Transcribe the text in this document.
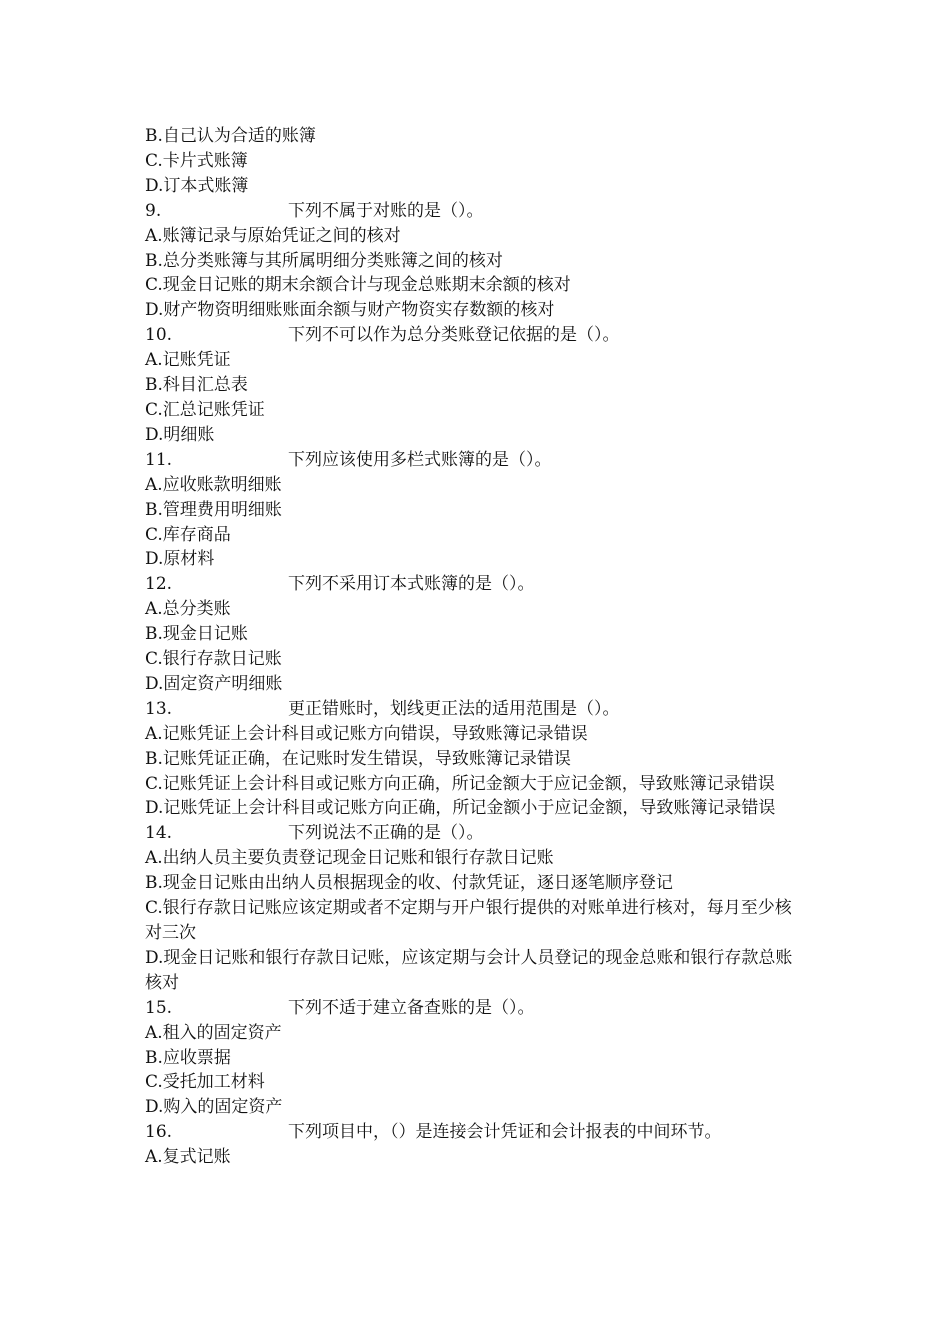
B.自己认为合适的账簿
C.卡片式账簿
D.订本式账簿
9.	下列不属于对账的是（）。
A.账簿记录与原始凭证之间的核对
B.总分类账簿与其所属明细分类账簿之间的核对
C.现金日记账的期末余额合计与现金总账期末余额的核对
D.财产物资明细账账面余额与财产物资实存数额的核对
10.	下列不可以作为总分类账登记依据的是（）。
A.记账凭证
B.科目汇总表
C.汇总记账凭证
D.明细账
11.	下列应该使用多栏式账簿的是（）。
A.应收账款明细账
B.管理费用明细账
C.库存商品
D.原材料
12.	下列不采用订本式账簿的是（）。
A.总分类账
B.现金日记账
C.银行存款日记账
D.固定资产明细账
13.	更正错账时，划线更正法的适用范围是（）。
A.记账凭证上会计科目或记账方向错误，导致账簿记录错误
B.记账凭证正确，在记账时发生错误，导致账簿记录错误
C.记账凭证上会计科目或记账方向正确，所记金额大于应记金额，导致账簿记录错误
D.记账凭证上会计科目或记账方向正确，所记金额小于应记金额，导致账簿记录错误
14.	下列说法不正确的是（）。
A.出纳人员主要负责登记现金日记账和银行存款日记账
B.现金日记账由出纳人员根据现金的收、付款凭证，逐日逐笔顺序登记
C.银行存款日记账应该定期或者不定期与开户银行提供的对账单进行核对，每月至少核对三次
D.现金日记账和银行存款日记账，应该定期与会计人员登记的现金总账和银行存款总账核对
15.	下列不适于建立备查账的是（）。
A.租入的固定资产
B.应收票据
C.受托加工材料
D.购入的固定资产
16.	下列项目中，（）是连接会计凭证和会计报表的中间环节。
A.复式记账
